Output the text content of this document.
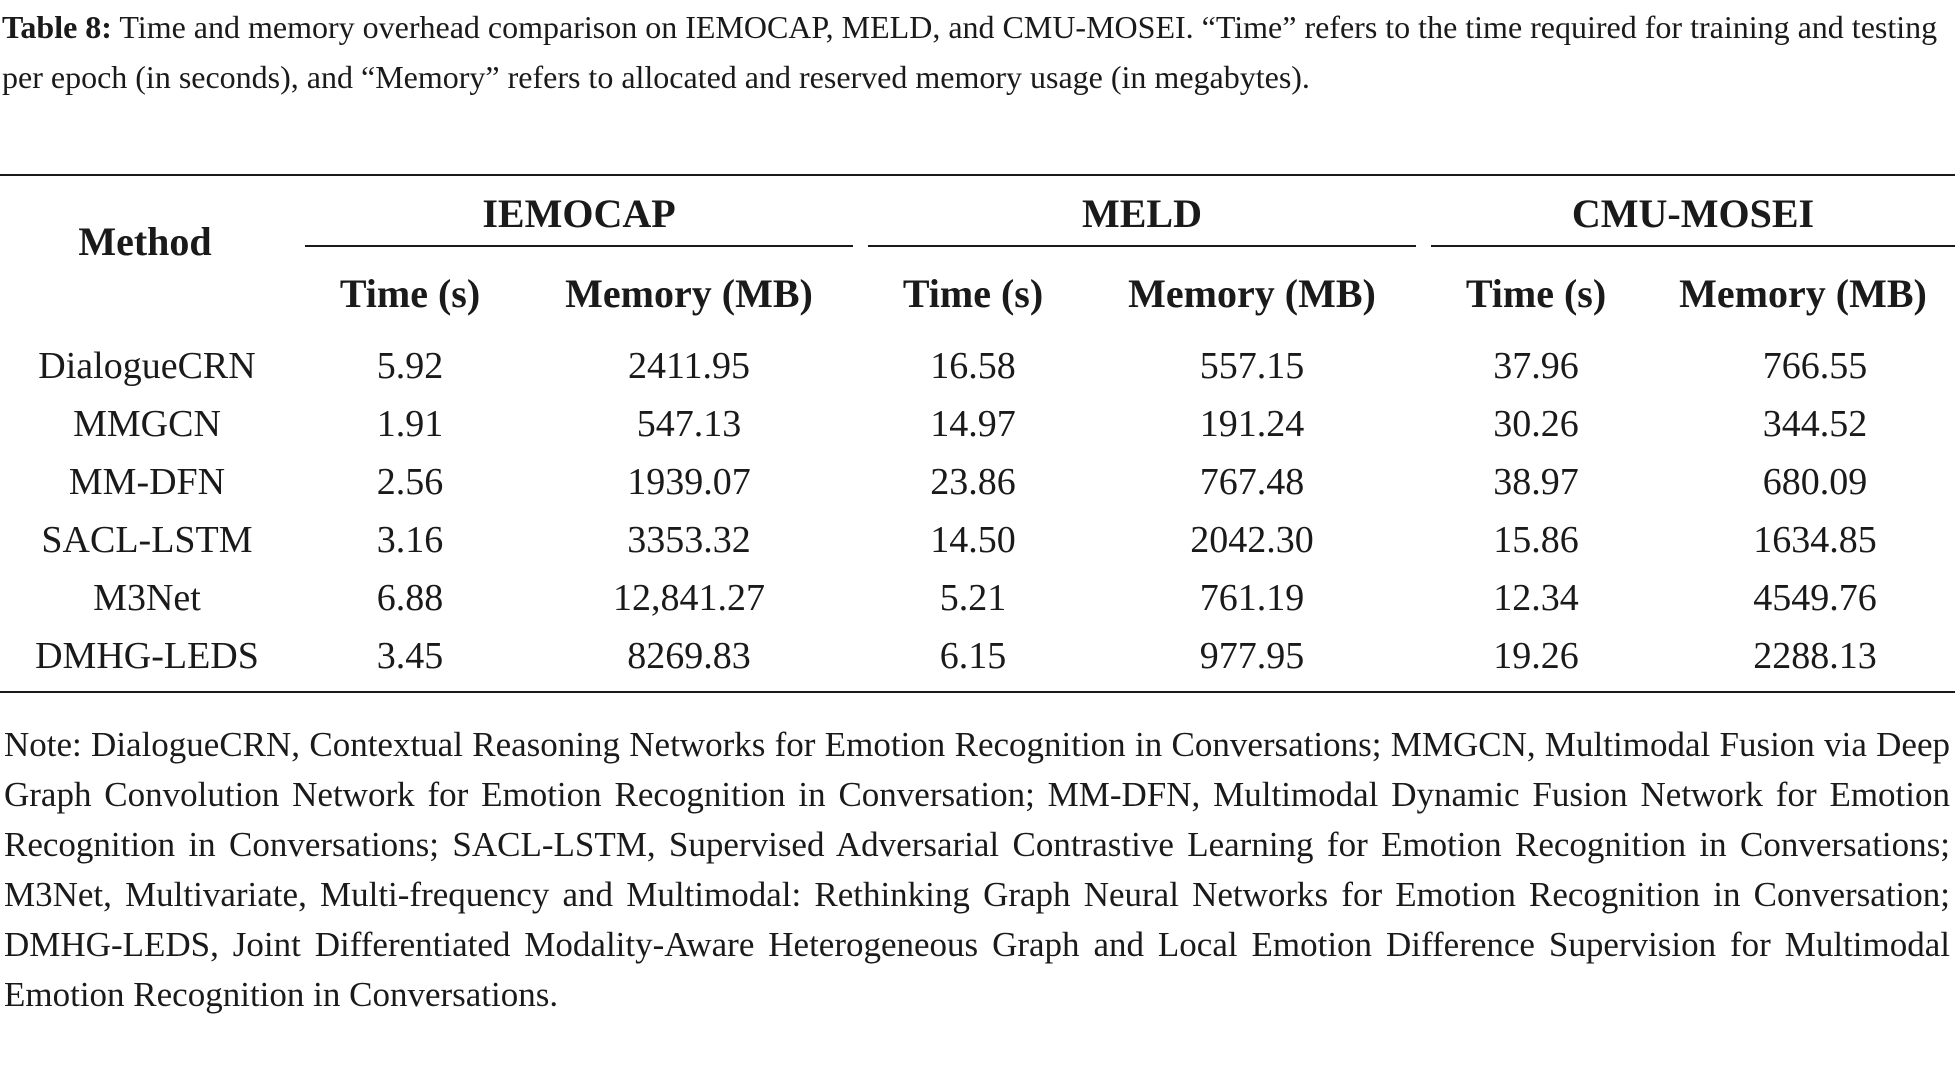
Table 8: Time and memory overhead comparison on IEMOCAP, MELD, and CMU-MOSEI. “Time” refers to the time required for training and testing per epoch (in seconds), and “Memory” refers to allocated and reserved memory usage (in megabytes).

Method
IEMOCAP	MELD	CMU-MOSEI
Time (s)	Memory (MB)	Time (s)	Memory (MB)	Time (s)	Memory (MB)
DialogueCRN	5.92	2411.95	16.58	557.15	37.96	766.55
MMGCN	1.91	547.13	14.97	191.24	30.26	344.52
MM-DFN	2.56	1939.07	23.86	767.48	38.97	680.09
SACL-LSTM	3.16	3353.32	14.50	2042.30	15.86	1634.85
M3Net	6.88	12,841.27	5.21	761.19	12.34	4549.76
DMHG-LEDS	3.45	8269.83	6.15	977.95	19.26	2288.13

Note: DialogueCRN, Contextual Reasoning Networks for Emotion Recognition in Conversations; MMGCN, Multimodal Fusion via Deep Graph Convolution Network for Emotion Recognition in Conversation; MM-DFN, Multimodal Dynamic Fusion Network for Emotion Recognition in Conversations; SACL-LSTM, Supervised Adversarial Contrastive Learning for Emotion Recognition in Conversations; M3Net, Multivariate, Multi-frequency and Multimodal: Rethinking Graph Neural Networks for Emotion Recognition in Conversation; DMHG-LEDS, Joint Differentiated Modality-Aware Heterogeneous Graph and Local Emotion Difference Supervision for Multimodal Emotion Recognition in Conversations.
